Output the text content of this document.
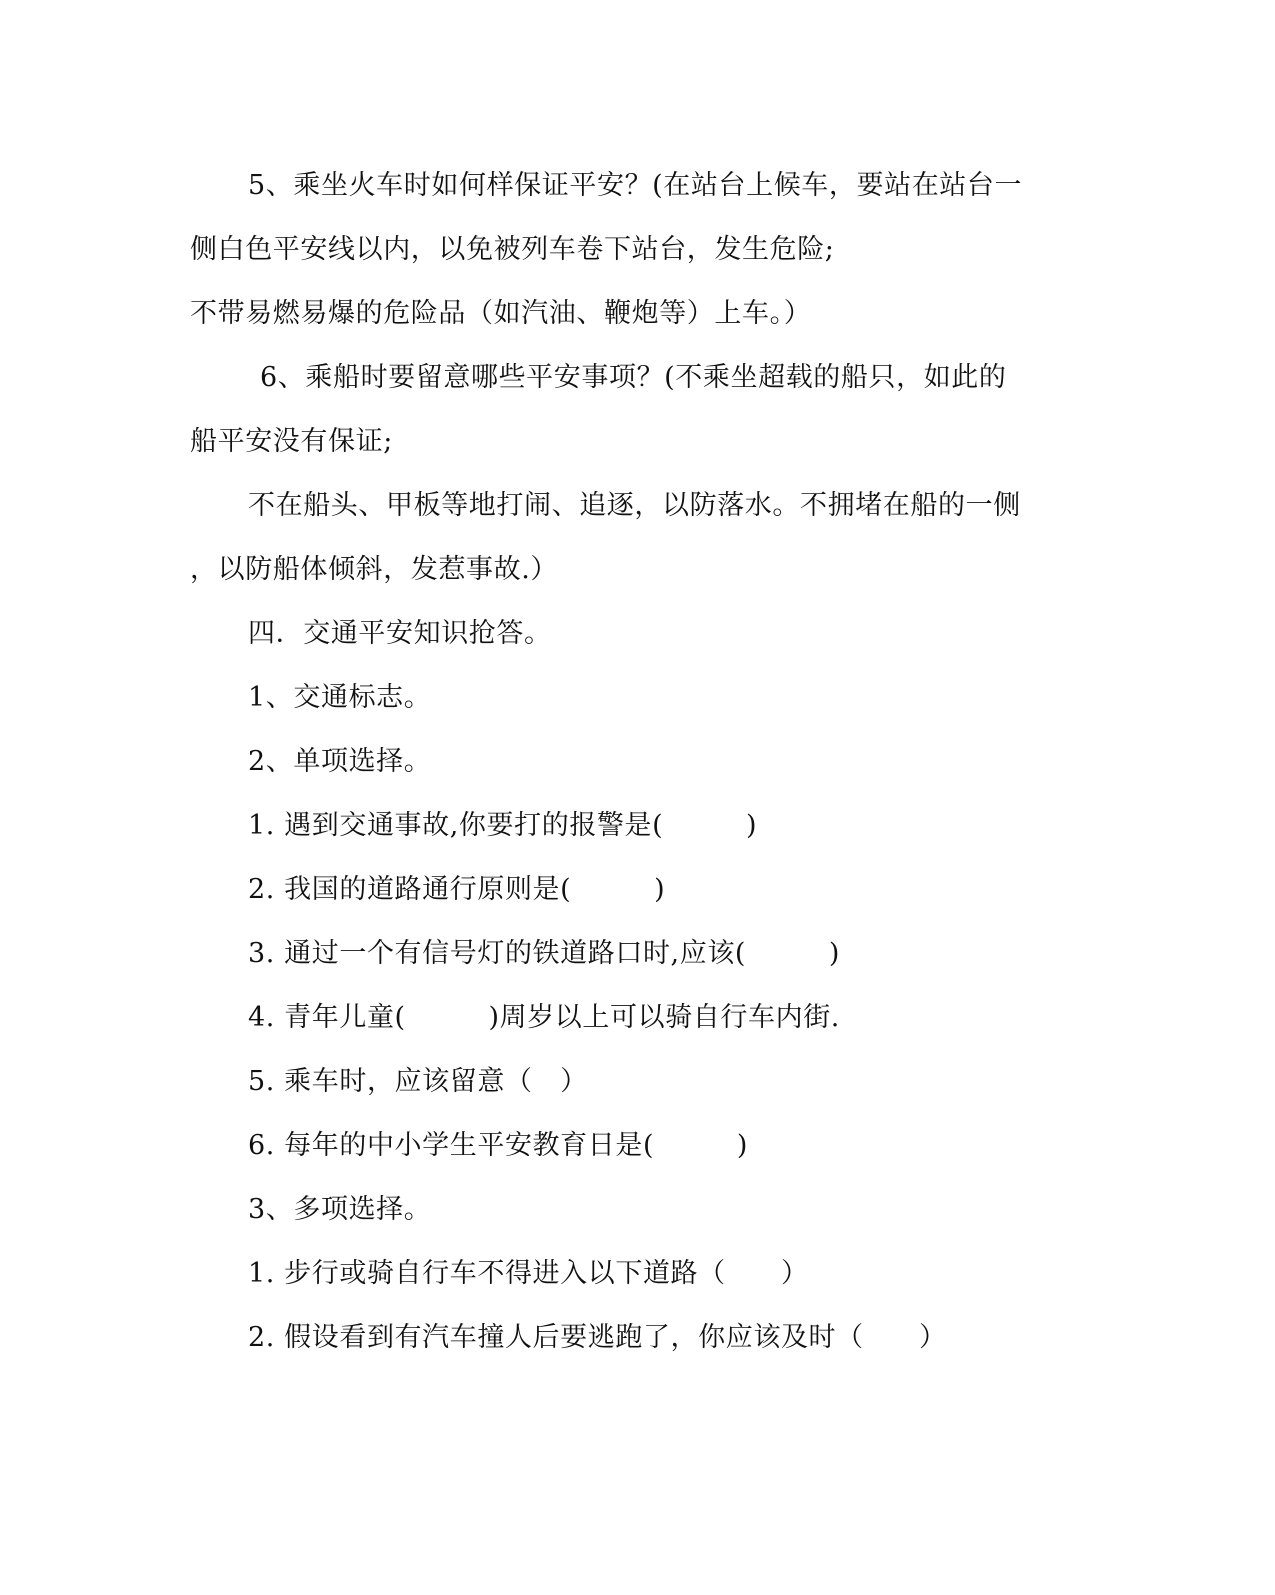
5、乘坐火车时如何样保证平安？(在站台上候车，要站在站台一
侧白色平安线以内，以免被列车卷下站台，发生危险;
不带易燃易爆的危险品（如汽油、鞭炮等）上车。）
6、乘船时要留意哪些平安事项？(不乘坐超载的船只，如此的
船平安没有保证;
不在船头、甲板等地打闹、追逐，以防落水。不拥堵在船的一侧
，以防船体倾斜，发惹事故.）
四．交通平安知识抢答。
1、交通标志。
2、单项选择。
1. 遇到交通事故,你要打的报警是(　　　)
2. 我国的道路通行原则是(　　　)
3. 通过一个有信号灯的铁道路口时,应该(　　　)
4. 青年儿童(　　　)周岁以上可以骑自行车内街.
5. 乘车时，应该留意（　）
6. 每年的中小学生平安教育日是(　　　)
3、多项选择。
1. 步行或骑自行车不得进入以下道路（　　）
2. 假设看到有汽车撞人后要逃跑了，你应该及时（　　）
